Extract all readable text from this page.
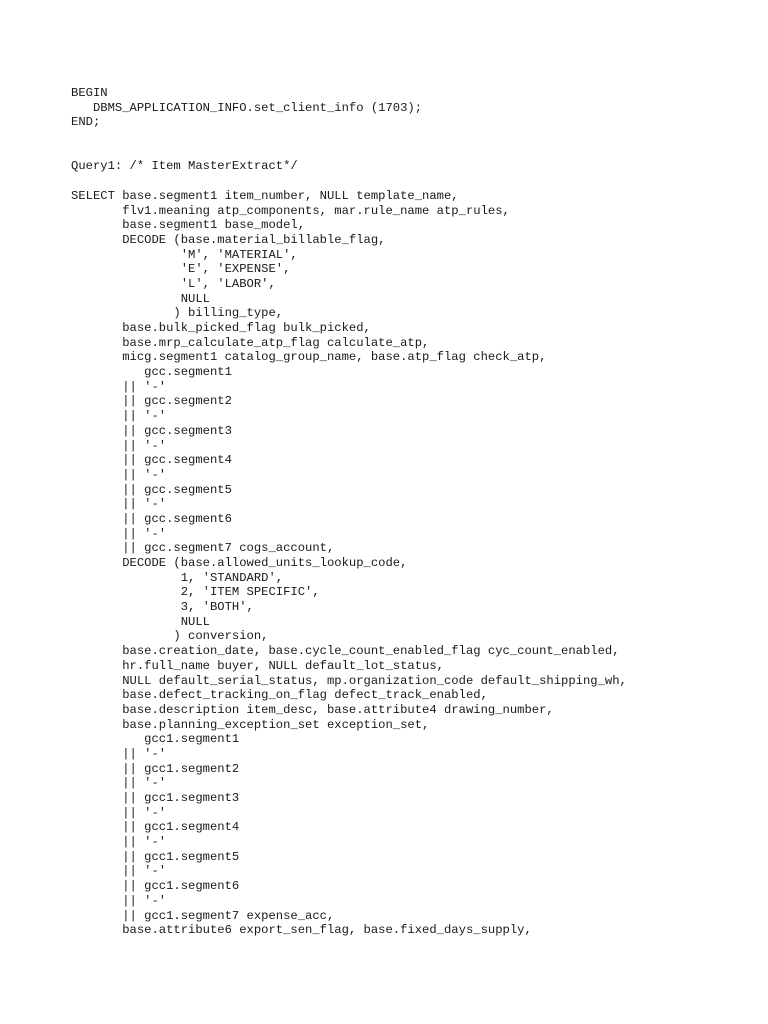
BEGIN
DBMS_APPLICATION_INFO.set_client_info (1703);
END;
Query1: /* Item MasterExtract*/
SELECT base.segment1 item_number, NULL template_name,
flv1.meaning atp_components, mar.rule_name atp_rules,
base.segment1 base_model,
DECODE (base.material_billable_flag,
'M', 'MATERIAL',
'E', 'EXPENSE',
'L', 'LABOR',
NULL
) billing_type,
base.bulk_picked_flag bulk_picked,
base.mrp_calculate_atp_flag calculate_atp,
micg.segment1 catalog_group_name, base.atp_flag check_atp,
gcc.segment1
|| '-'
|| gcc.segment2
|| '-'
|| gcc.segment3
|| '-'
|| gcc.segment4
|| '-'
|| gcc.segment5
|| '-'
|| gcc.segment6
|| '-'
|| gcc.segment7 cogs_account,
DECODE (base.allowed_units_lookup_code,
1, 'STANDARD',
2, 'ITEM SPECIFIC',
3, 'BOTH',
NULL
) conversion,
base.creation_date, base.cycle_count_enabled_flag cyc_count_enabled,
hr.full_name buyer, NULL default_lot_status,
NULL default_serial_status, mp.organization_code default_shipping_wh,
base.defect_tracking_on_flag defect_track_enabled,
base.description item_desc, base.attribute4 drawing_number,
base.planning_exception_set exception_set,
gcc1.segment1
|| '-'
|| gcc1.segment2
|| '-'
|| gcc1.segment3
|| '-'
|| gcc1.segment4
|| '-'
|| gcc1.segment5
|| '-'
|| gcc1.segment6
|| '-'
|| gcc1.segment7 expense_acc,
base.attribute6 export_sen_flag, base.fixed_days_supply,
